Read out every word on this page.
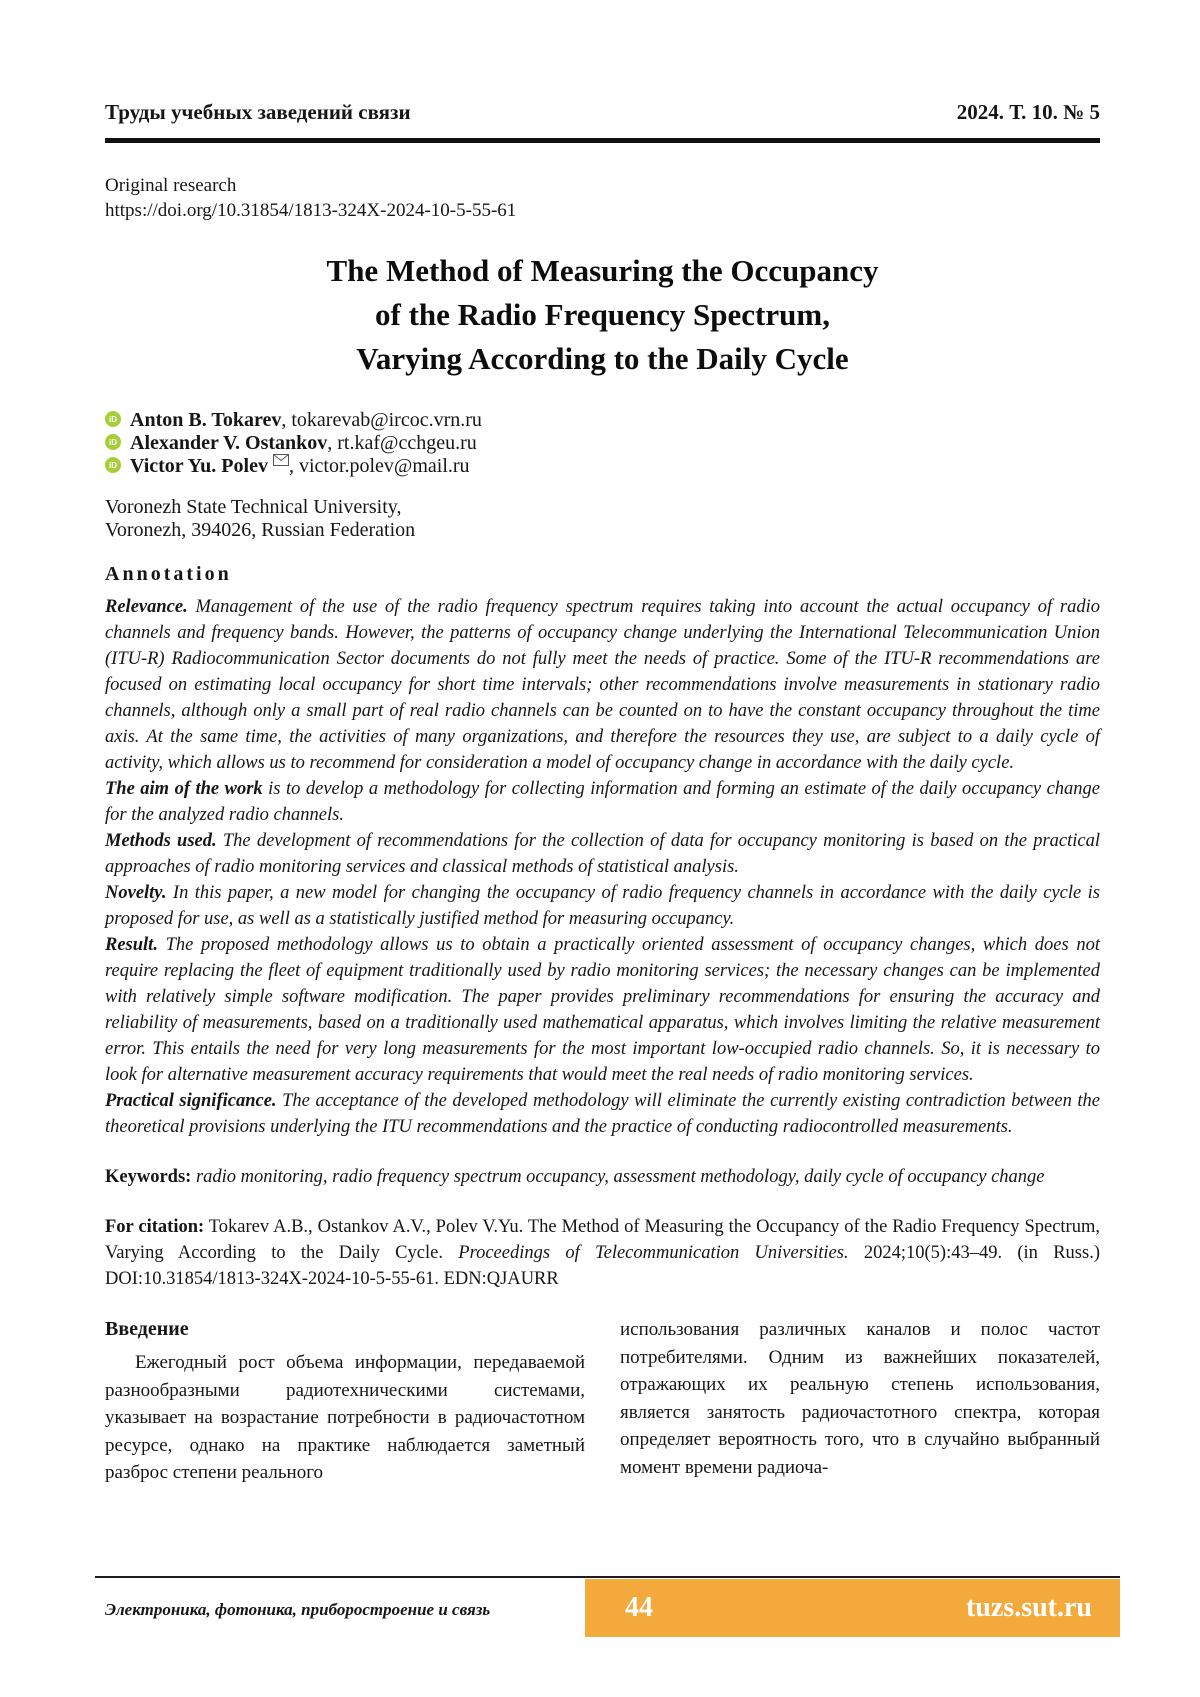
Труды учебных заведений связи	2024. Т. 10. № 5
Original research
https://doi.org/10.31854/1813-324X-2024-10-5-55-61
The Method of Measuring the Occupancy
of the Radio Frequency Spectrum,
Varying According to the Daily Cycle
iD Anton B. Tokarev, tokarevab@ircoc.vrn.ru
iD Alexander V. Ostankov, rt.kaf@cchgeu.ru
iD Victor Yu. Polev , victor.polev@mail.ru
Voronezh State Technical University,
Voronezh, 394026, Russian Federation
Annotation

Relevance. Management of the use of the radio frequency spectrum requires taking into account the actual occupancy of radio channels and frequency bands. However, the patterns of occupancy change underlying the International Telecommunication Union (ITU-R) Radiocommunication Sector documents do not fully meet the needs of practice. Some of the ITU-R recommendations are focused on estimating local occupancy for short time intervals; other recommendations involve measurements in stationary radio channels, although only a small part of real radio channels can be counted on to have the constant occupancy throughout the time axis. At the same time, the activities of many organizations, and therefore the resources they use, are subject to a daily cycle of activity, which allows us to recommend for consideration a model of occupancy change in accordance with the daily cycle.

The aim of the work is to develop a methodology for collecting information and forming an estimate of the daily occupancy change for the analyzed radio channels.

Methods used. The development of recommendations for the collection of data for occupancy monitoring is based on the practical approaches of radio monitoring services and classical methods of statistical analysis.

Novelty. In this paper, a new model for changing the occupancy of radio frequency channels in accordance with the daily cycle is proposed for use, as well as a statistically justified method for measuring occupancy.

Result. The proposed methodology allows us to obtain a practically oriented assessment of occupancy changes, which does not require replacing the fleet of equipment traditionally used by radio monitoring services; the necessary changes can be implemented with relatively simple software modification. The paper provides preliminary recommendations for ensuring the accuracy and reliability of measurements, based on a traditionally used mathematical apparatus, which involves limiting the relative measurement error. This entails the need for very long measurements for the most important low-occupied radio channels. So, it is necessary to look for alternative measurement accuracy requirements that would meet the real needs of radio monitoring services.

Practical significance. The acceptance of the developed methodology will eliminate the currently existing contradiction between the theoretical provisions underlying the ITU recommendations and the practice of conducting radiocontrolled measurements.

Keywords: radio monitoring, radio frequency spectrum occupancy, assessment methodology, daily cycle of occupancy change
For citation: Tokarev A.B., Ostankov A.V., Polev V.Yu. The Method of Measuring the Occupancy of the Radio Frequency Spectrum, Varying According to the Daily Cycle. Proceedings of Telecommunication Universities. 2024;10(5):43–49. (in Russ.) DOI:10.31854/1813-324X-2024-10-5-55-61. EDN:QJAURR
Введение

Ежегодный рост объема информации, передаваемой разнообразными радиотехническими системами, указывает на возрастание потребности в радиочастотном ресурсе, однако на практике наблюдается заметный разброс степени реального

использования различных каналов и полос частот потребителями. Одним из важнейших показателей, отражающих их реальную степень использования, является занятость радиочастотного спектра, которая определяет вероятность того, что в случайно выбранный момент времени радиоча-

Электроника, фотоника, приборостроение и связь	44	tuzs.sut.ru
